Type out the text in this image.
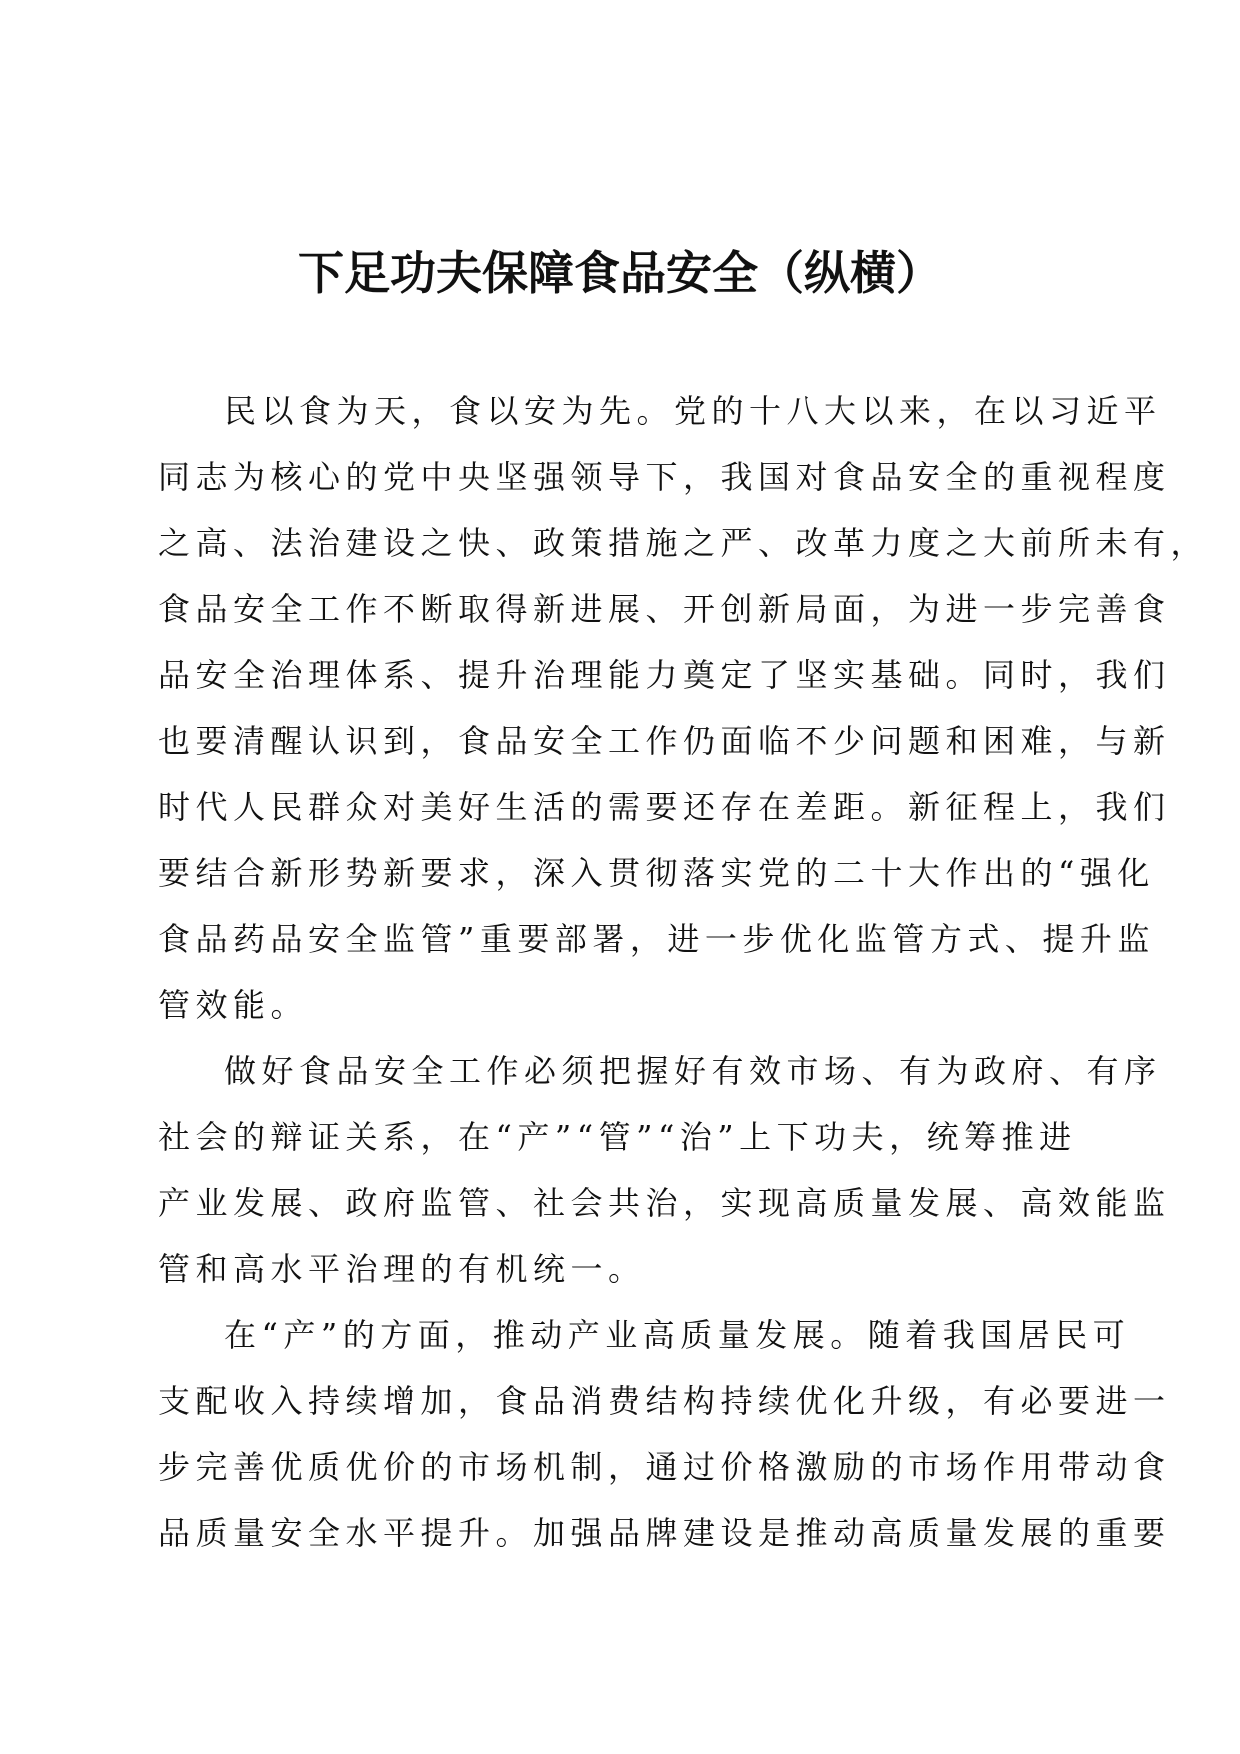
下足功夫保障食品安全（纵横）
民以食为天，食以安为先。党的十八大以来，在以习近平
同志为核心的党中央坚强领导下，我国对食品安全的重视程度
之高、法治建设之快、政策措施之严、改革力度之大前所未有，
食品安全工作不断取得新进展、开创新局面，为进一步完善食
品安全治理体系、提升治理能力奠定了坚实基础。同时，我们
也要清醒认识到，食品安全工作仍面临不少问题和困难，与新
时代人民群众对美好生活的需要还存在差距。新征程上，我们
要结合新形势新要求，深入贯彻落实党的二十大作出的“强化
食品药品安全监管”重要部署，进一步优化监管方式、提升监
管效能。
做好食品安全工作必须把握好有效市场、有为政府、有序
社会的辩证关系，在“产”“管”“治”上下功夫，统筹推进
产业发展、政府监管、社会共治，实现高质量发展、高效能监
管和高水平治理的有机统一。
在“产”的方面，推动产业高质量发展。随着我国居民可
支配收入持续增加，食品消费结构持续优化升级，有必要进一
步完善优质优价的市场机制，通过价格激励的市场作用带动食
品质量安全水平提升。加强品牌建设是推动高质量发展的重要
